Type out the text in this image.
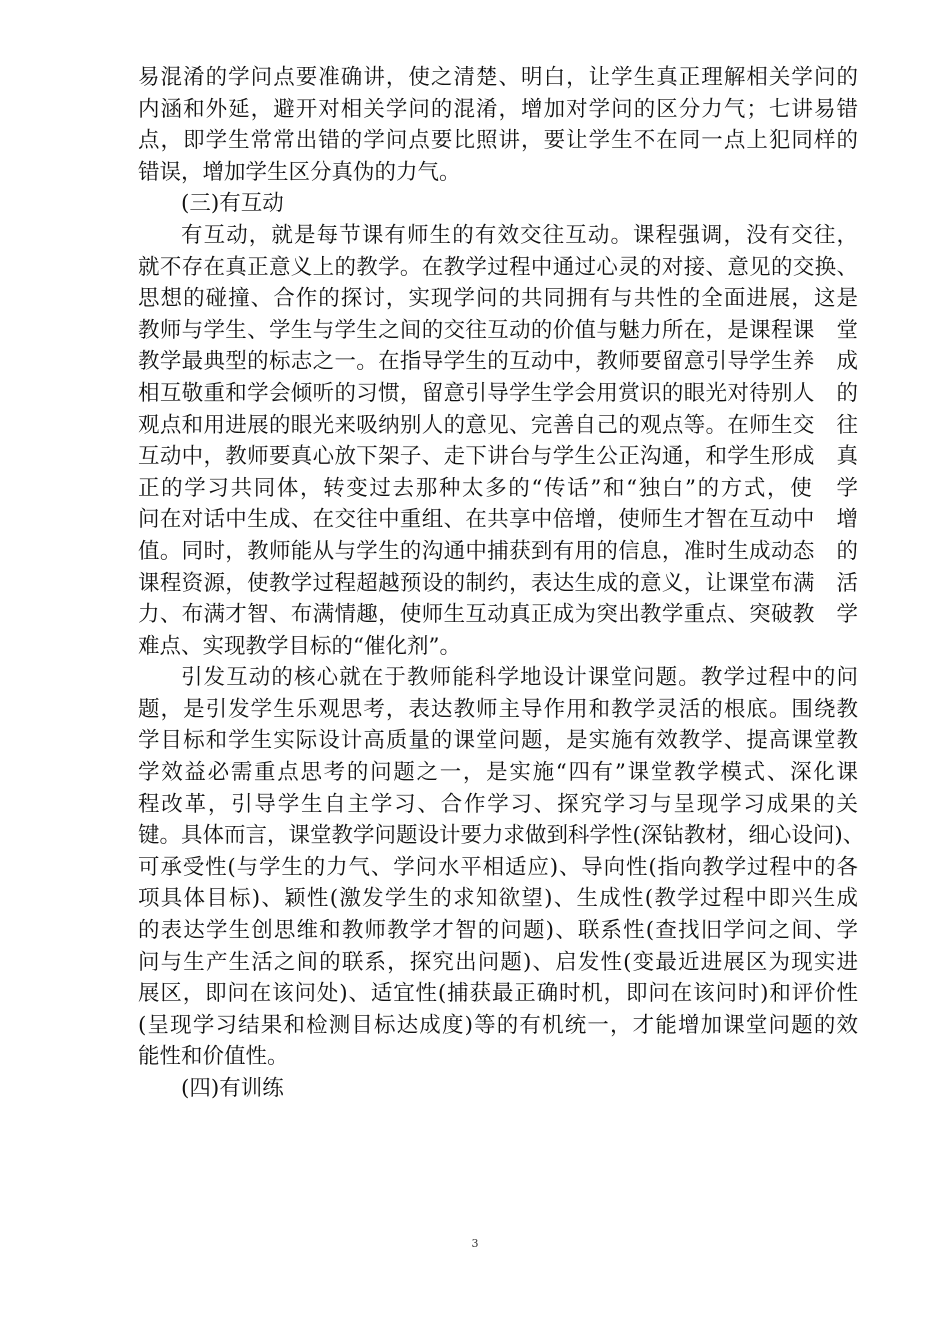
易混淆的学问点要准确讲，使之清楚、明白，让学生真正理解相关学问的
内涵和外延，避开对相关学问的混淆，增加对学问的区分力气；七讲易错
点，即学生常常出错的学问点要比照讲，要让学生不在同一点上犯同样的
错误，增加学生区分真伪的力气。
(三)有互动
有互动，就是每节课有师生的有效交往互动。课程强调，没有交往，
就不存在真正意义上的教学。在教学过程中通过心灵的对接、意见的交换、
思想的碰撞、合作的探讨，实现学问的共同拥有与共性的全面进展，这是
教师与学生、学生与学生之间的交往互动的价值与魅力所在，是课程课　堂
教学最典型的标志之一。在指导学生的互动中，教师要留意引导学生养　成
相互敬重和学会倾听的习惯，留意引导学生学会用赏识的眼光对待别人　的
观点和用进展的眼光来吸纳别人的意见、完善自己的观点等。在师生交　往
互动中，教师要真心放下架子、走下讲台与学生公正沟通，和学生形成　真
正的学习共同体，转变过去那种太多的“传话”和“独白”的方式，使　学
问在对话中生成、在交往中重组、在共享中倍增，使师生才智在互动中　增
值。同时，教师能从与学生的沟通中捕获到有用的信息，准时生成动态　的
课程资源，使教学过程超越预设的制约，表达生成的意义，让课堂布满　活
力、布满才智、布满情趣，使师生互动真正成为突出教学重点、突破教　学
难点、实现教学目标的“催化剂”。
引发互动的核心就在于教师能科学地设计课堂问题。教学过程中的问
题，是引发学生乐观思考，表达教师主导作用和教学灵活的根底。围绕教
学目标和学生实际设计高质量的课堂问题，是实施有效教学、提高课堂教
学效益必需重点思考的问题之一，是实施“四有”课堂教学模式、深化课
程改革，引导学生自主学习、合作学习、探究学习与呈现学习成果的关
键。具体而言，课堂教学问题设计要力求做到科学性(深钻教材，细心设问)、
可承受性(与学生的力气、学问水平相适应)、导向性(指向教学过程中的各
项具体目标)、颖性(激发学生的求知欲望)、生成性(教学过程中即兴生成
的表达学生创思维和教师教学才智的问题)、联系性(查找旧学问之间、学
问与生产生活之间的联系，探究出问题)、启发性(变最近进展区为现实进
展区，即问在该问处)、适宜性(捕获最正确时机，即问在该问时)和评价性
(呈现学习结果和检测目标达成度)等的有机统一，才能增加课堂问题的效
能性和价值性。
(四)有训练
3
